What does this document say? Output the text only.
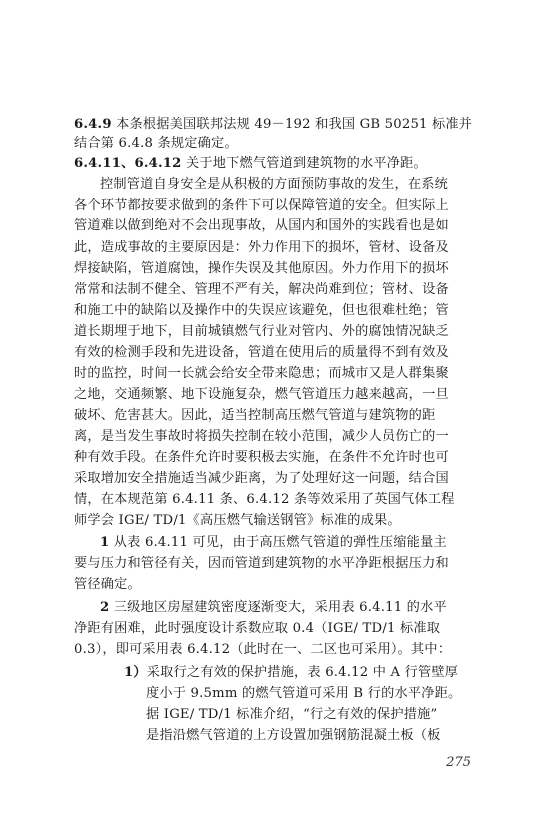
6.4.9 本条根据美国联邦法规 49－192 和我国 GB 50251 标准并
结合第 6.4.8 条规定确定。
6.4.11、6.4.12 关于地下燃气管道到建筑物的水平净距。
控制管道自身安全是从积极的方面预防事故的发生，在系统
各个环节都按要求做到的条件下可以保障管道的安全。但实际上
管道难以做到绝对不会出现事故，从国内和国外的实践看也是如
此，造成事故的主要原因是：外力作用下的损坏，管材、设备及
焊接缺陷，管道腐蚀，操作失误及其他原因。外力作用下的损坏
常常和法制不健全、管理不严有关，解决尚难到位；管材、设备
和施工中的缺陷以及操作中的失误应该避免，但也很难杜绝；管
道长期埋于地下，目前城镇燃气行业对管内、外的腐蚀情况缺乏
有效的检测手段和先进设备，管道在使用后的质量得不到有效及
时的监控，时间一长就会给安全带来隐患；而城市又是人群集聚
之地，交通频繁、地下设施复杂，燃气管道压力越来越高，一旦
破坏、危害甚大。因此，适当控制高压燃气管道与建筑物的距
离，是当发生事故时将损失控制在较小范围，减少人员伤亡的一
种有效手段。在条件允许时要积极去实施，在条件不允许时也可
采取增加安全措施适当减少距离，为了处理好这一问题，结合国
情，在本规范第 6.4.11 条、6.4.12 条等效采用了英国气体工程
师学会 IGE/ TD/1《高压燃气输送钢管》标准的成果。
1 从表 6.4.11 可见，由于高压燃气管道的弹性压缩能量主
要与压力和管径有关，因而管道到建筑物的水平净距根据压力和
管径确定。
2 三级地区房屋建筑密度逐渐变大，采用表 6.4.11 的水平
净距有困难，此时强度设计系数应取 0.4（IGE/ TD/1 标准取
0.3），即可采用表 6.4.12（此时在一、二区也可采用）。其中：
1）采取行之有效的保护措施，表 6.4.12 中 A 行管壁厚
度小于 9.5mm 的燃气管道可采用 B 行的水平净距。
据 IGE/ TD/1 标准介绍，“行之有效的保护措施”
是指沿燃气管道的上方设置加强钢筋混凝土板（板
275
